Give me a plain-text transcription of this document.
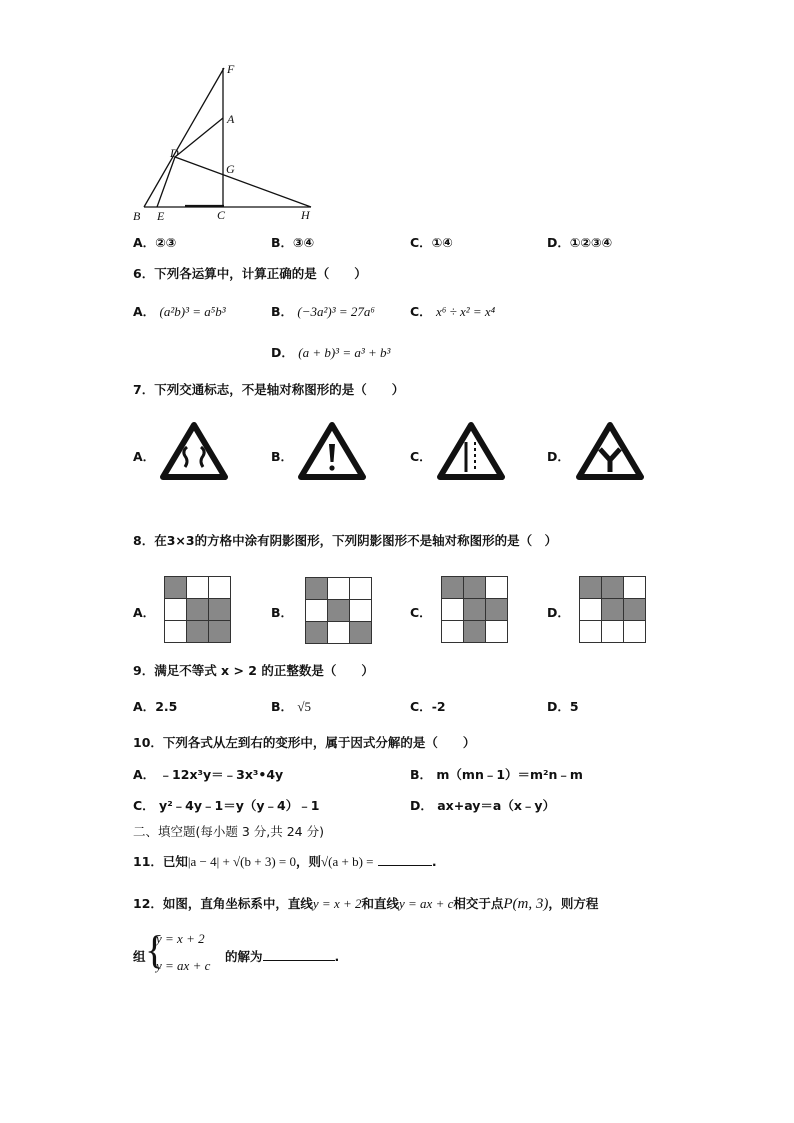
F
A
D
G
B E	C	H
A．②③	B．③④	C．①④	D．①②③④
6．下列各运算中，计算正确的是（　　）
A． (a²b)³ = a⁵b³	B． (−3a²)³ = 27a⁶	C． x⁶ ÷ x² = x⁴
D． (a + b)³ = a³ + b³
7．下列交通标志，不是轴对称图形的是（　　）
A．	B．	C．	D．
8．在3×3的方格中涂有阴影图形，下列阴影图形不是轴对称图形的是（　）
A．	B．	C．	D．

9．满足不等式 x > 2 的正整数是（　　）
A．2.5	B． √5	C．-2	D．5
10．下列各式从左到右的变形中，属于因式分解的是（　　）
A． ﹣12x³y＝﹣3x³•4y	B． m（mn﹣1）＝m²n﹣m
C． y²﹣4y﹣1＝y（y﹣4）﹣1	D． ax+ay＝a（x﹣y）
二、填空题(每小题 3 分,共 24 分)
11．已知|a − 4| + √(b + 3) = 0，则√(a + b) =	.
12．如图，直角坐标系中，直线y = x + 2和直线y = ax + c相交于点P(m, 3)，则方程
组 {
y = x + 2
y = ax + c
的解为	.
